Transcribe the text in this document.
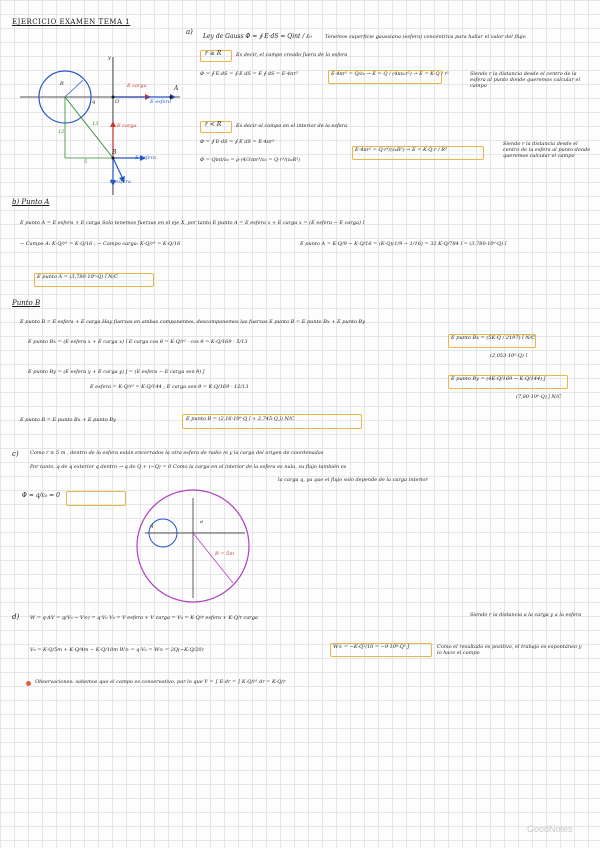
EJERCICIO EXAMEN TEMA 1
y
A
O
q
R	E carga
E esfera
E carga
B
E esfera
E esfera
13
12
5
a)
Ley de Gauss Φ = ∮ E·dS = Qint / ε₀	Tenemos superficie gaussiana (esfera) concéntrica para hallar el valor del flujo
r ≥ R	Es decir, el campo creado fuera de la esfera
Φ = ∮ E·dS = ∮ E dS = E ∮ dS = E·4πr²	E·4πr² = Q/ε₀ → E = Q / (4πε₀r²) → E = K·Q / r²	Siendo r la distancia desde el centro de la esfera al punto donde queremos calcular el campo
r < R	Es decir el campo en el interior de la esfera
Φ = ∮ E·dS = ∮ E dS = E·4πr²
Φ = Qint/ε₀ = ρ·(4/3)πr³/ε₀ = Q·r³/(ε₀R³)
E·4πr² = Q·r³/(ε₀R³) → E = K·Q·r / R³
Siendo r la distancia desde el centro de la esfera al punto donde queremos calcular el campo
b) Punto A
E punto A = E esfera + E carga Solo tenemos fuerzas en el eje X, por tanto E punto A = E esfera x + E carga x = (E esfera − E carga) î
− Campo A: K·Q/r² = K·Q/16 ; − Campo carga: K·Q/r² = K·Q/16	E punto A = K·Q/9 − K·Q/16 = (K·Q)(1/9 − 1/16) = 32 K·Q/784 î = (3,780·10⁶·Q) î
E punto A = (3,780·10⁶·Q) î N/C
Punto B
E punto B = E esfera + E carga Hay fuerzas en ambas componentes, descomponemos las fuerzas E punto B = E punto Bx + E punto By
E punto Bx = (E esfera x + E carga x) î E carga cos θ = K·Q/r² · cos θ = K·Q/169 · 5/13
E punto Bx = (5K·Q / 2197) î N/C
(2,053·10⁹·Q) î
E punto By = (E esfera y + E carga y) ĵ = (E esfera − E carga sen θ) ĵ
E esfera = K·Q/r² = K·Q/144 ; E carga sen θ = K·Q/169 · 12/13
E punto By = (4K·Q/169 − K·Q/144) ĵ
(7,80·10⁶·Q) ĵ N/C
E punto B = E punto Bx + E punto By	E punto B = (2,16·10⁶·Q î + 2,745·Q ĵ) N/C
c) Como r ≥ 5 m , dentro de la esfera están encerrados la otra esfera de radio m y la carga del origen de coordenadas
Por tanto, q de q exterior q dentro → q de Q + (−Q) = 0 Como la carga en el interior de la esfera es nula, su flujo también es
la carga q, ya que el flujo solo depende de la carga interior
Φ = q/ε₀ = 0
a
q
R = 5m
d) W = q·ΔV = q(V₀ − V∞) = q·V₀ V₀ = V esfera + V carga = V₀ = K·Q/r esfera + K·Q/r carga	Siendo r la distancia a la carga y a la esfera
V₀ = K·Q/5m + K·Q/4m − K·Q/10m W∞ = q·V₀ = W∞ = 2Q(−K·Q/20)	W∞ = −K·Q²/10 = −9·10⁸·Q² J	Como el resultado es positivo, el trabajo es espontáneo y lo hace el campo
Observaciones: sabemos que el campo es conservativo, por lo que V = ∫ E·dr = ∫ K·Q/r² dr = K·Q/r
GoodNotes
